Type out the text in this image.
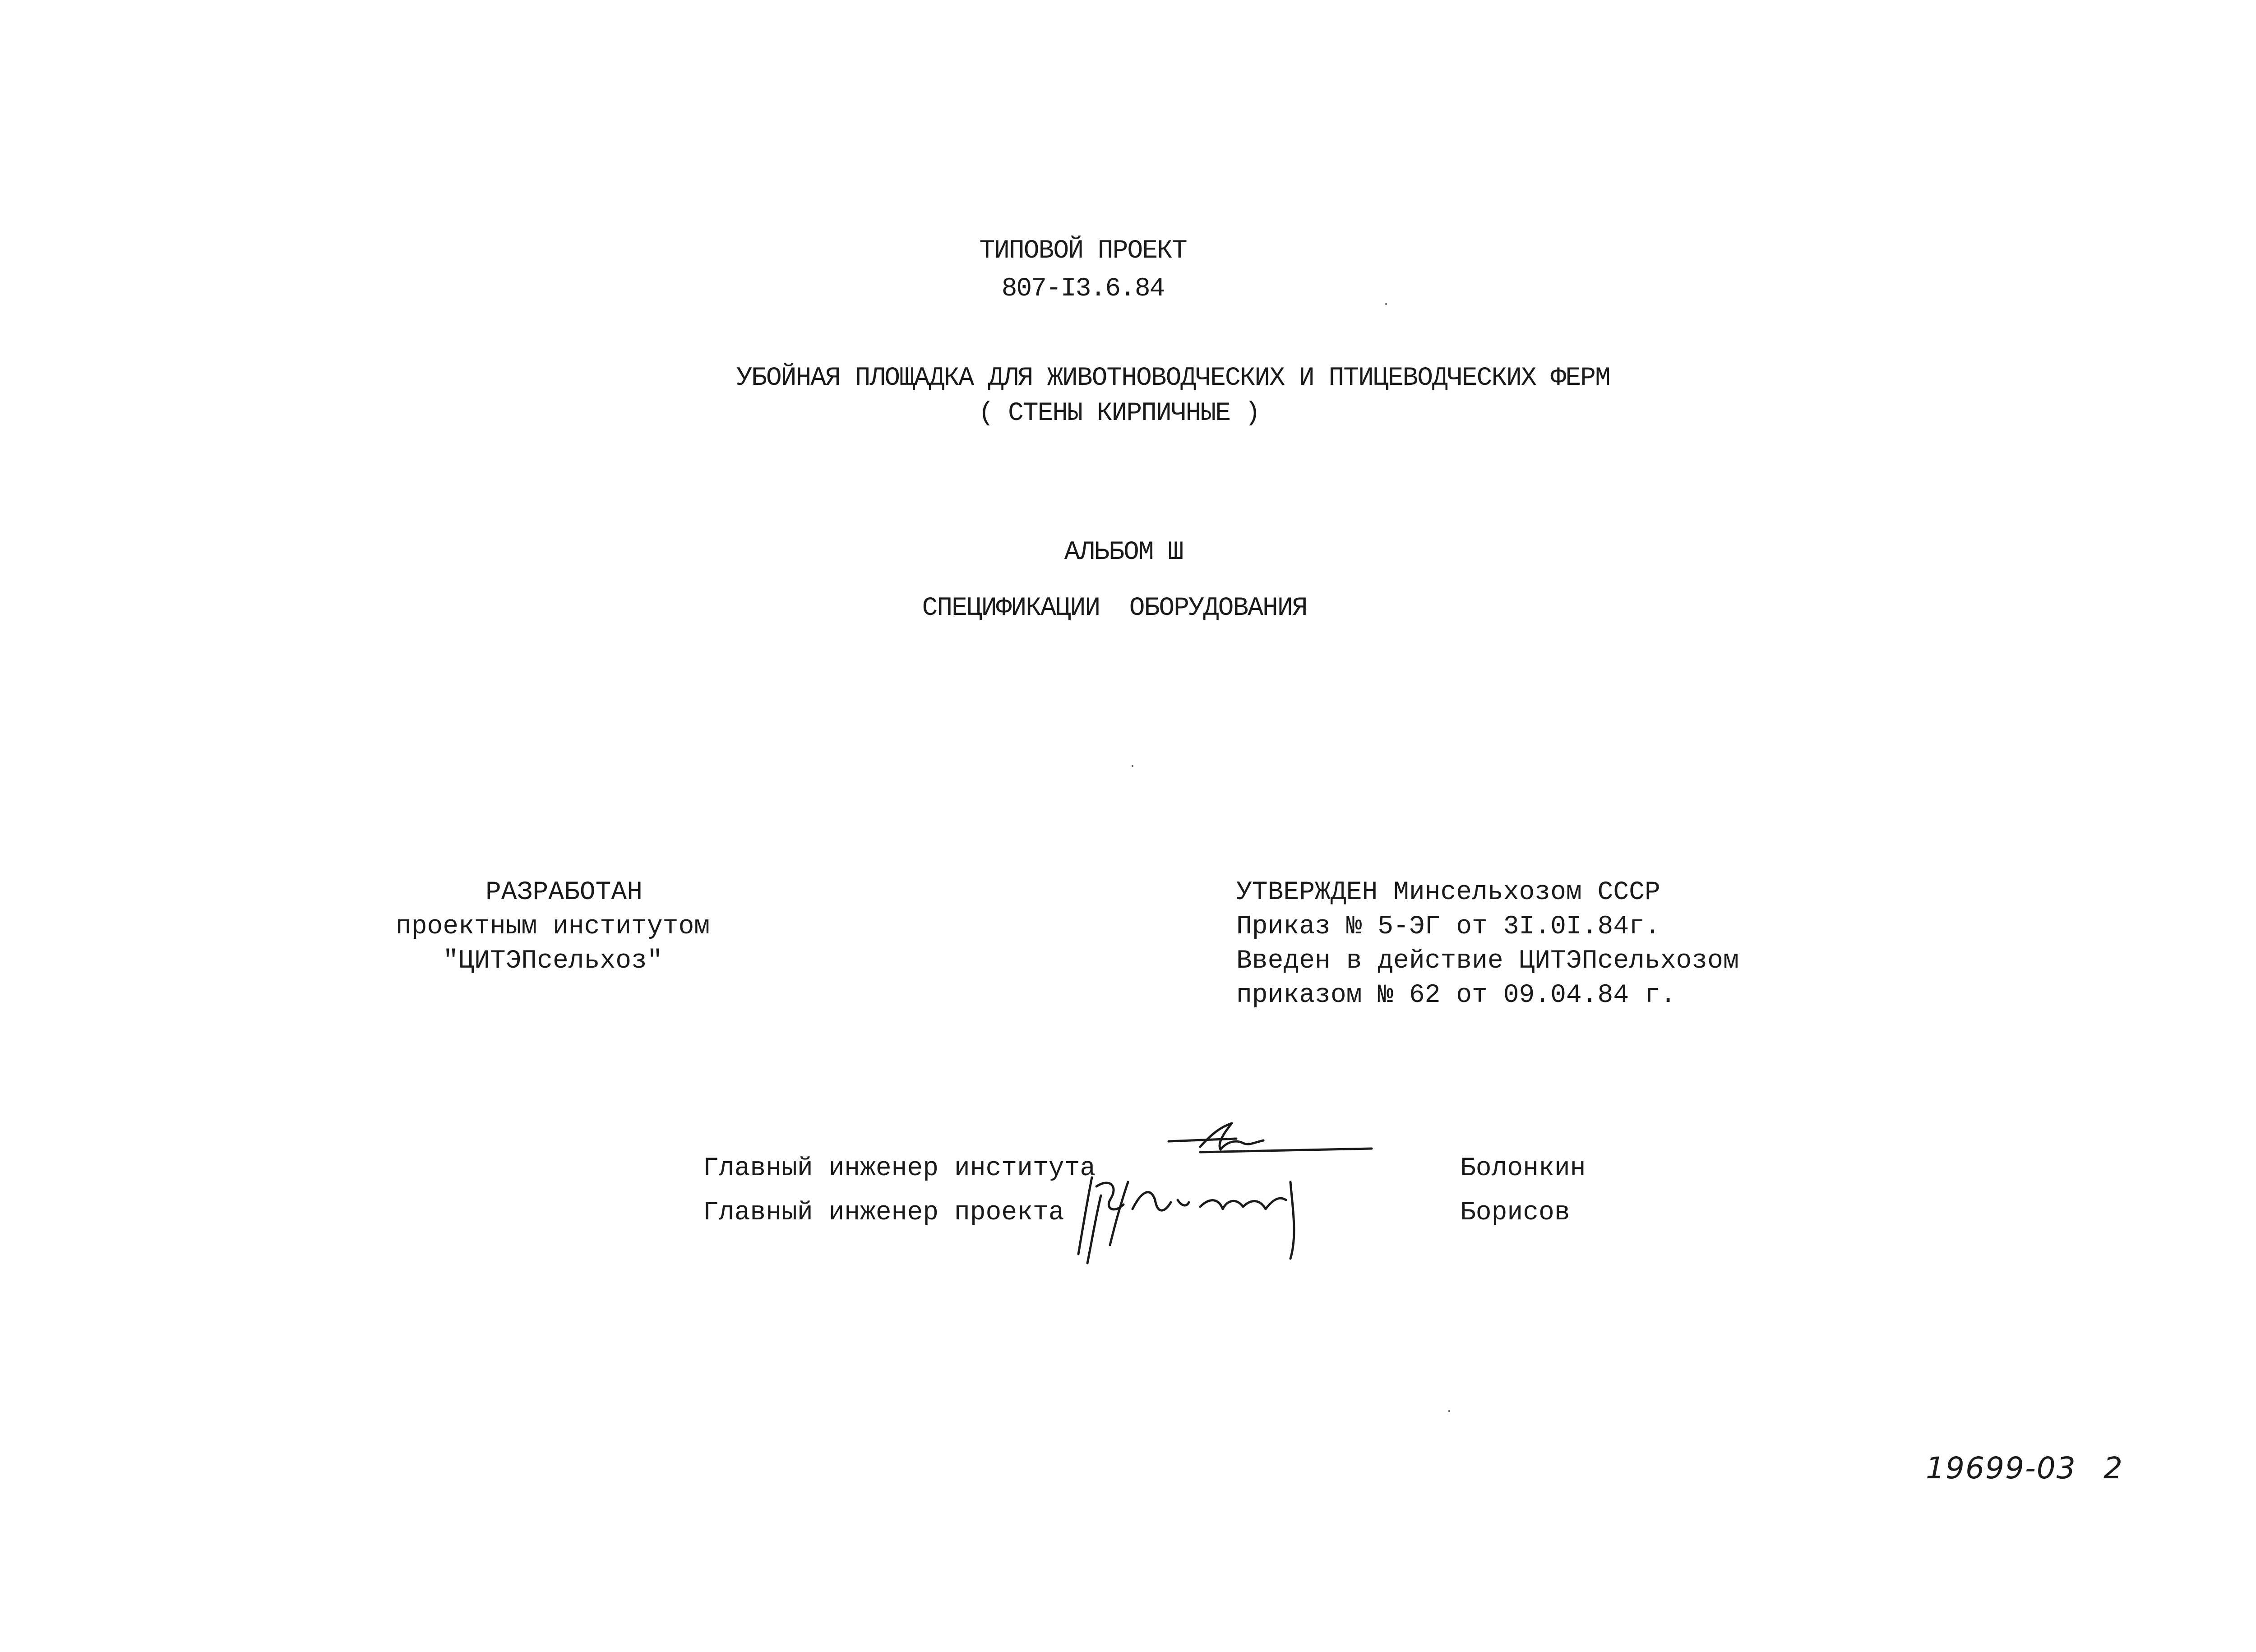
ТИПОВОЙ ПРОЕКТ
807-I3.6.84
УБОЙНАЯ ПЛОЩАДКА ДЛЯ ЖИВОТНОВОДЧЕСКИХ И ПТИЦЕВОДЧЕСКИХ ФЕРМ
( СТЕНЫ КИРПИЧНЫЕ )
АЛЬБОМ Ш
СПЕЦИФИКАЦИИ  ОБОРУДОВАНИЯ
РАЗРАБОТАН
проектным институтом
"ЦИТЭПсельхоз"
УТВЕРЖДЕН Минсельхозом СССР
Приказ № 5-ЭГ от 3I.0I.84г.
Введен в действие ЦИТЭПсельхозом
приказом № 62 от 09.04.84 г.
Главный инженер института	Болонкин
Главный инженер проекта	Борисов
19699-03 2
